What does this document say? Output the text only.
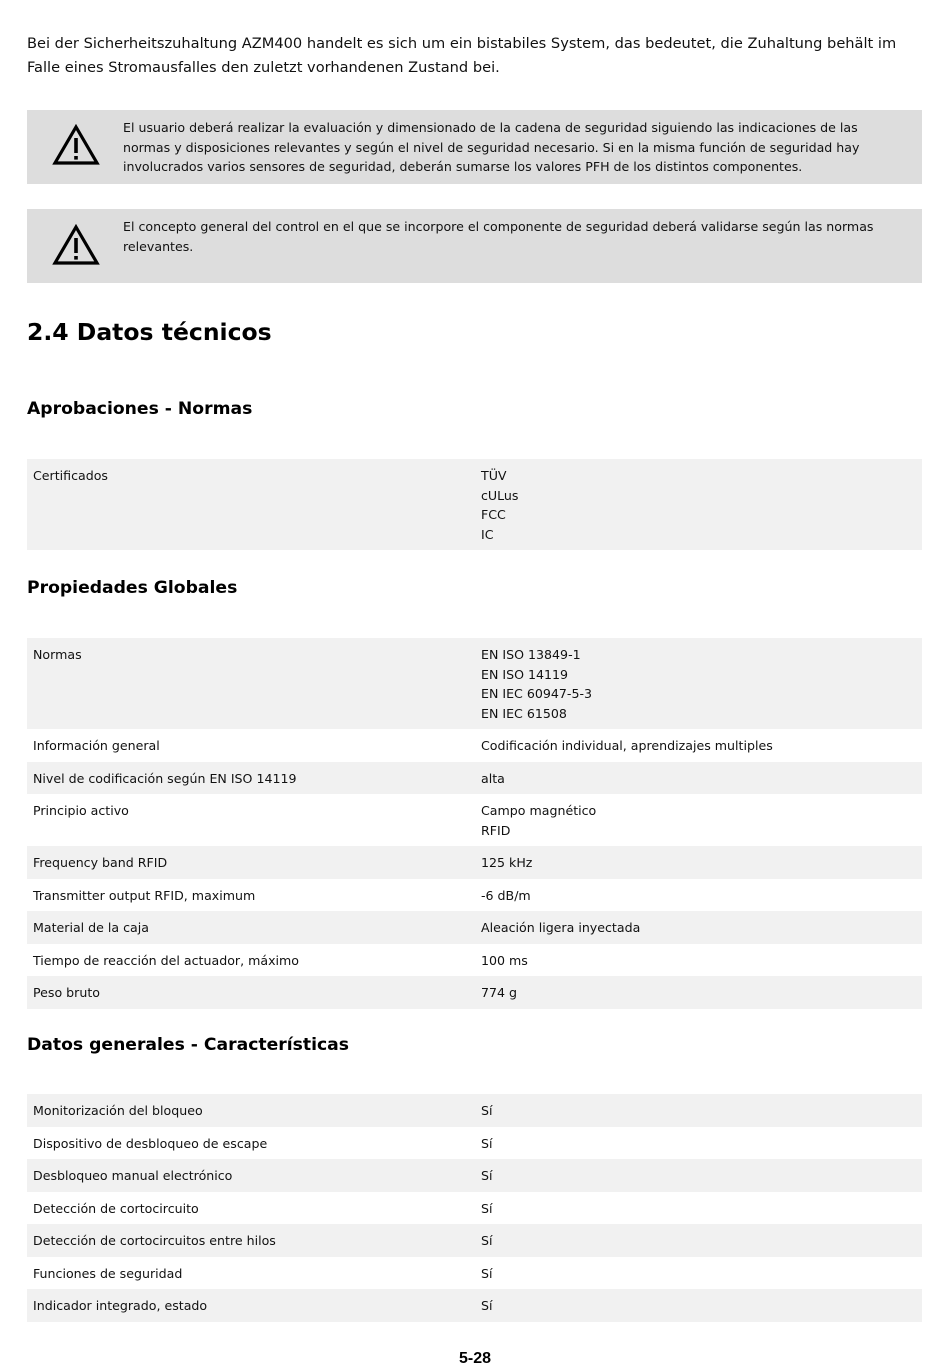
Bei der Sicherheitszuhaltung AZM400 handelt es sich um ein bistabiles System, das bedeutet, die Zuhaltung behält im Falle eines Stromausfalles den zuletzt vorhandenen Zustand bei.
El usuario deberá realizar la evaluación y dimensionado de la cadena de seguridad siguiendo las indicaciones de las normas y disposiciones relevantes y según el nivel de seguridad necesario. Si en la misma función de seguridad hay involucrados varios sensores de seguridad, deberán sumarse los valores PFH de los distintos componentes.
El concepto general del control en el que se incorpore el componente de seguridad deberá validarse según las normas relevantes.
2.4 Datos técnicos
Aprobaciones - Normas
Certificados	TÜV
cULus
FCC
IC
Propiedades Globales
Normas	EN ISO 13849-1
EN ISO 14119
EN IEC 60947-5-3
EN IEC 61508

Información general	Codificación individual, aprendizajes multiples

Nivel de codificación según EN ISO 14119	alta

Principio activo	Campo magnético
RFID

Frequency band RFID	125 kHz

Transmitter output RFID, maximum	-6 dB/m

Material de la caja	Aleación ligera inyectada

Tiempo de reacción del actuador, máximo	100 ms

Peso bruto	774 g
Datos generales - Características
Monitorización del bloqueo	Sí

Dispositivo de desbloqueo de escape	Sí

Desbloqueo manual electrónico	Sí

Detección de cortocircuito	Sí

Detección de cortocircuitos entre hilos	Sí

Funciones de seguridad	Sí

Indicador integrado, estado	Sí
5-28
